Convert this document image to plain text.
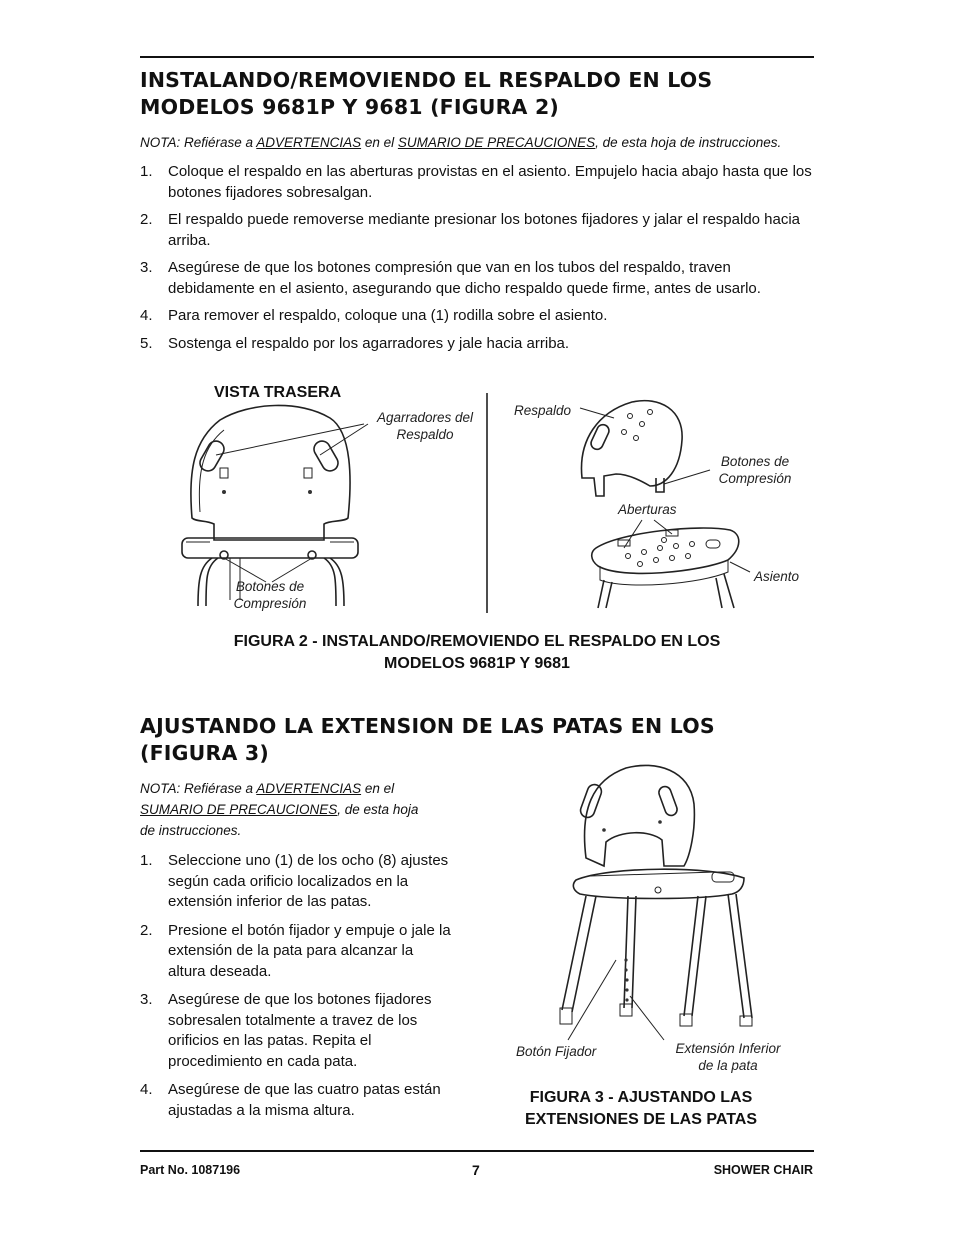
INSTALANDO/REMOVIENDO EL RESPALDO EN LOS
MODELOS 9681P Y 9681 (FIGURA 2)
NOTA: Refiérase a ADVERTENCIAS en el SUMARIO DE PRECAUCIONES, de esta hoja de instrucciones.
1. Coloque el respaldo en las aberturas provistas en el asiento. Empujelo hacia abajo hasta que los botones fijadores sobresalgan.
2. El respaldo puede removerse mediante presionar los botones fijadores y jalar el respaldo hacia arriba.
3. Asegúrese de que los botones compresión que van en los tubos del respaldo, traven debidamente en el asiento, asegurando que dicho respaldo quede firme, antes de usarlo.
4. Para remover el respaldo, coloque una (1) rodilla sobre el asiento.
5. Sostenga el respaldo por los agarradores y jale hacia arriba.
VISTA TRASERA
Agarradores del
Respaldo
Botones de
Compresión
Respaldo
Botones de
Compresión
Aberturas
Asiento
FIGURA 2 - INSTALANDO/REMOVIENDO EL RESPALDO EN LOS
MODELOS 9681P Y 9681
AJUSTANDO LA EXTENSION DE LAS PATAS EN LOS
(FIGURA 3)
NOTA: Refiérase a ADVERTENCIAS en el
SUMARIO DE PRECAUCIONES, de esta hoja
de instrucciones.
1. Seleccione uno (1) de los ocho (8) ajustes según cada orificio localizados en la extensión inferior de las patas.
2. Presione el botón fijador y empuje o jale la extensión de la pata para alcanzar la altura deseada.
3. Asegúrese de que los botones fijadores sobresalen totalmente a travez de los orificios en las patas. Repita el procedimiento en cada pata.
4. Asegúrese de que las cuatro patas están ajustadas a la misma altura.
Botón Fijador	Extensión Inferior
de la pata
FIGURA 3 - AJUSTANDO LAS
EXTENSIONES DE LAS PATAS
Part No. 1087196	7	SHOWER CHAIR
